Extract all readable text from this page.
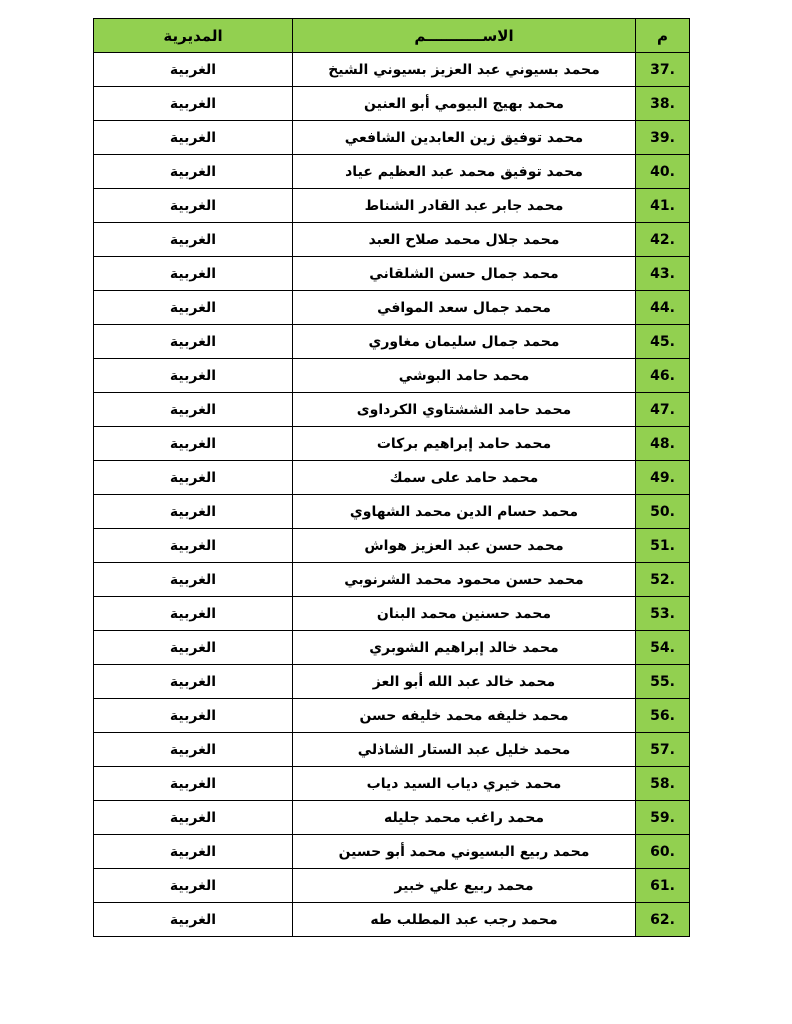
م	الاســـــــــــم	المديرية
37.	محمد بسيوني عبد العزيز بسيوني الشيخ	الغربية
38.	محمد بهيج البيومي أبو العنين	الغربية
39.	محمد توفيق زين العابدين الشافعي	الغربية
40.	محمد توفيق محمد عبد العظيم عياد	الغربية
41.	محمد جابر عبد القادر الشناط	الغربية
42.	محمد جلال محمد صلاح العبد	الغربية
43.	محمد جمال حسن الشلقاني	الغربية
44.	محمد جمال سعد الموافي	الغربية
45.	محمد جمال سليمان مغاوري	الغربية
46.	محمد حامد البوشي	الغربية
47.	محمد حامد الششتاوي الكرداوى	الغربية
48.	محمد حامد إبراهيم بركات	الغربية
49.	محمد حامد على سمك	الغربية
50.	محمد حسام الدين محمد الشهاوي	الغربية
51.	محمد حسن عبد العزيز هواش	الغربية
52.	محمد حسن محمود محمد الشرنوبي	الغربية
53.	محمد حسنين محمد البنان	الغربية
54.	محمد خالد إبراهيم الشوبري	الغربية
55.	محمد خالد عبد الله أبو العز	الغربية
56.	محمد خليفه محمد خليفه حسن	الغربية
57.	محمد خليل عبد الستار الشاذلي	الغربية
58.	محمد خيري دياب السيد دياب	الغربية
59.	محمد راغب محمد جليله	الغربية
60.	محمد ربيع البسيوني محمد أبو حسين	الغربية
61.	محمد ربيع علي خبير	الغربية
62.	محمد رجب عبد المطلب طه	الغربية
